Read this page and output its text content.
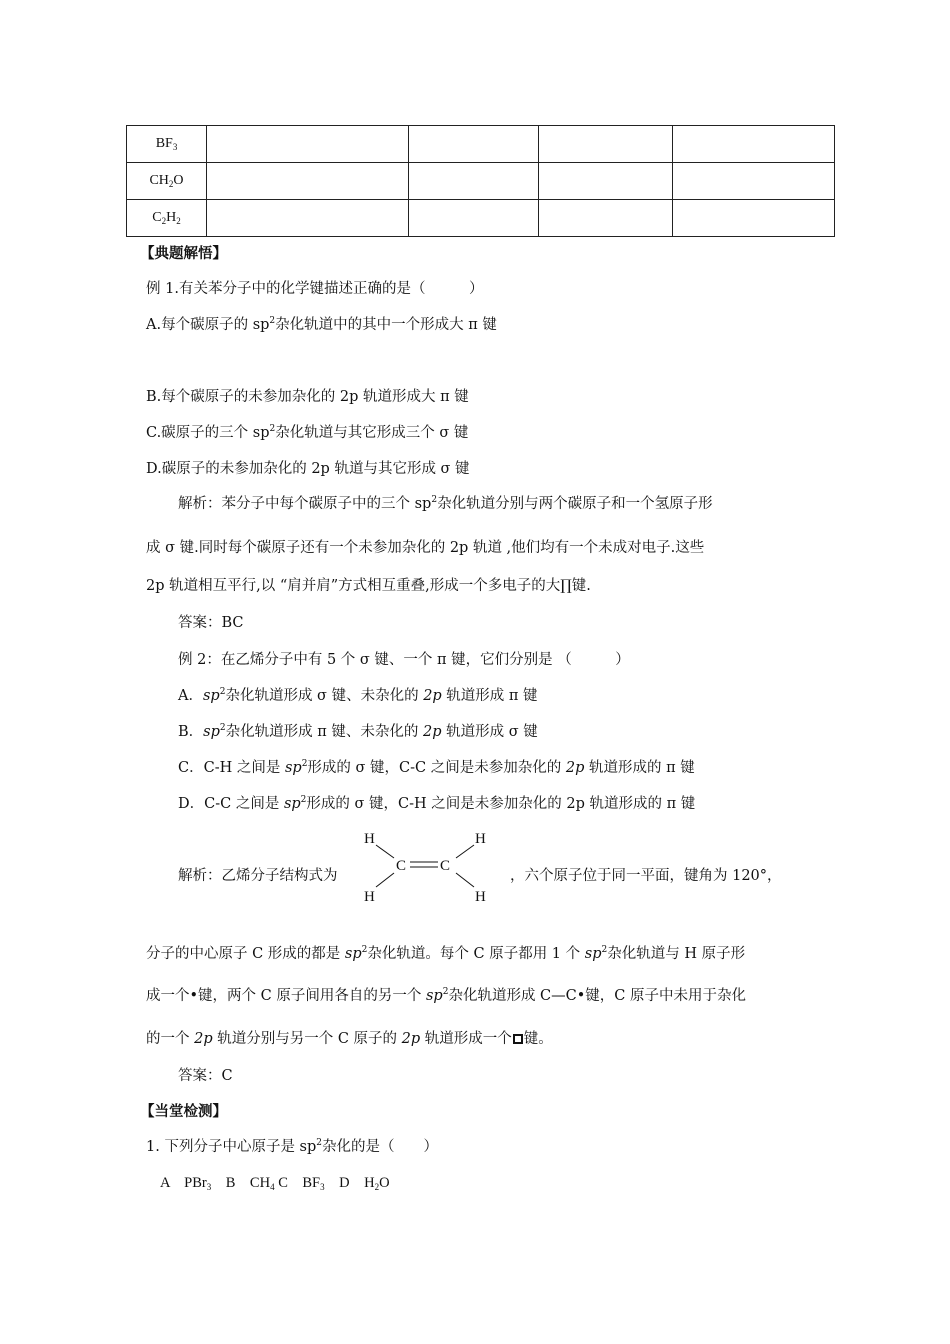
$BF_3$				
$CH_2O$				
$C_2H_2$				
【典题解悟】
例 1.有关苯分子中的化学键描述正确的是（　　　）
A.每个碳原子的 $sp^2$杂化轨道中的其中一个形成大 π 键
B.每个碳原子的未参加杂化的 2p 轨道形成大 π 键
C.碳原子的三个 $sp^2$杂化轨道与其它形成三个 σ 键
D.碳原子的未参加杂化的 2p 轨道与其它形成 σ 键
解析：苯分子中每个碳原子中的三个 $sp^2$杂化轨道分别与两个碳原子和一个氢原子形
成 σ 键.同时每个碳原子还有一个未参加杂化的 2p 轨道 ,他们均有一个未成对电子.这些
2p 轨道相互平行,以 “肩并肩”方式相互重叠,形成一个多电子的大∏键.
答案：BC
例 2：在乙烯分子中有 5 个 σ 键、一个 π 键，它们分别是 （　　　）
A．$sp^2$杂化轨道形成 σ 键、未杂化的 2p 轨道形成 π 键
B．$sp^2$杂化轨道形成 π 键、未杂化的 2p 轨道形成 σ 键
C．C-H 之间是 $sp^2$形成的 σ 键，C-C 之间是未参加杂化的 2p 轨道形成的 π 键
D．C-C 之间是 $sp^2$形成的 σ 键，C-H 之间是未参加杂化的 2p 轨道形成的 π 键
解析：乙烯分子结构式为
H
H
H
H
C C
，六个原子位于同一平面，键角为 120°，
分子的中心原子 C 形成的都是 $sp^2$杂化轨道。每个 C 原子都用 1 个 $sp^2$杂化轨道与 H 原子形
成一个•键，两个 C 原子间用各自的另一个 $sp^2$杂化轨道形成 C—C•键，C 原子中未用于杂化
的一个 2p 轨道分别与另一个 C 原子的 2p 轨道形成一个 键。
答案：C
【当堂检测】
1. 下列分子中心原子是 $sp^2$杂化的是（　　）
A　PBr$_3$　B　$CH_4$ C　$BF_3$　D　$H_2O$
